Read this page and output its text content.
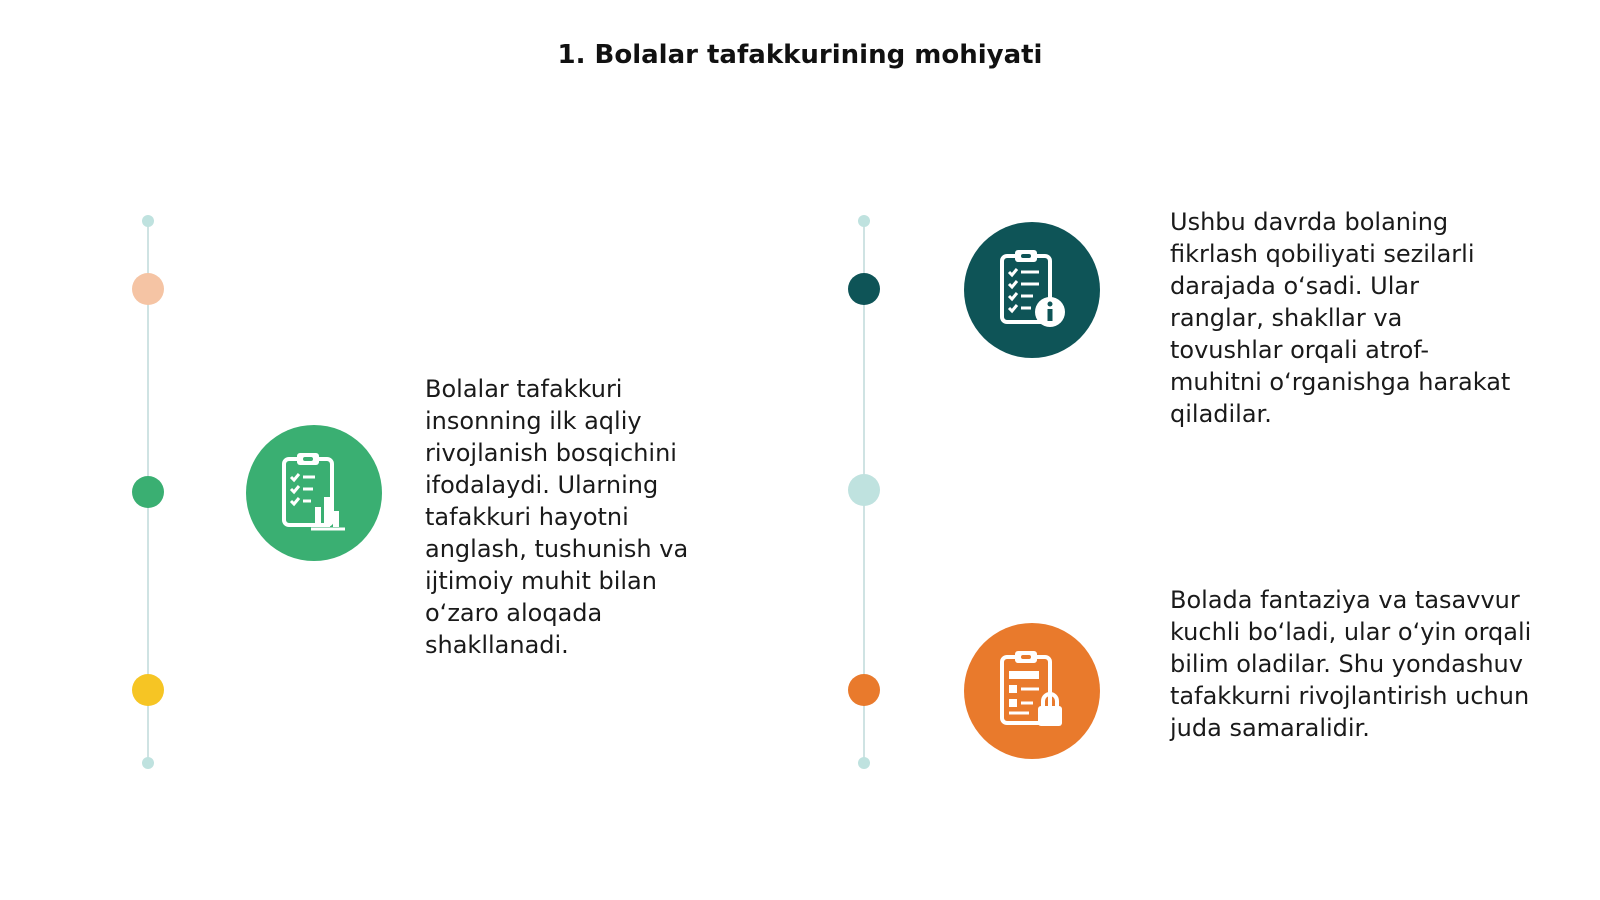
1. Bolalar tafakkurining mohiyati
Bolalar tafakkuri insonning ilk aqliy rivojlanish bosqichini ifodalaydi. Ularning tafakkuri hayotni anglash, tushunish va ijtimoiy muhit bilan o‘zaro aloqada shakllanadi.
Ushbu davrda bolaning fikrlash qobiliyati sezilarli darajada o‘sadi. Ular ranglar, shakllar va tovushlar orqali atrof-muhitni o‘rganishga harakat qiladilar.
Bolada fantaziya va tasavvur kuchli bo‘ladi, ular o‘yin orqali bilim oladilar. Shu yondashuv tafakkurni rivojlantirish uchun juda samaralidir.
